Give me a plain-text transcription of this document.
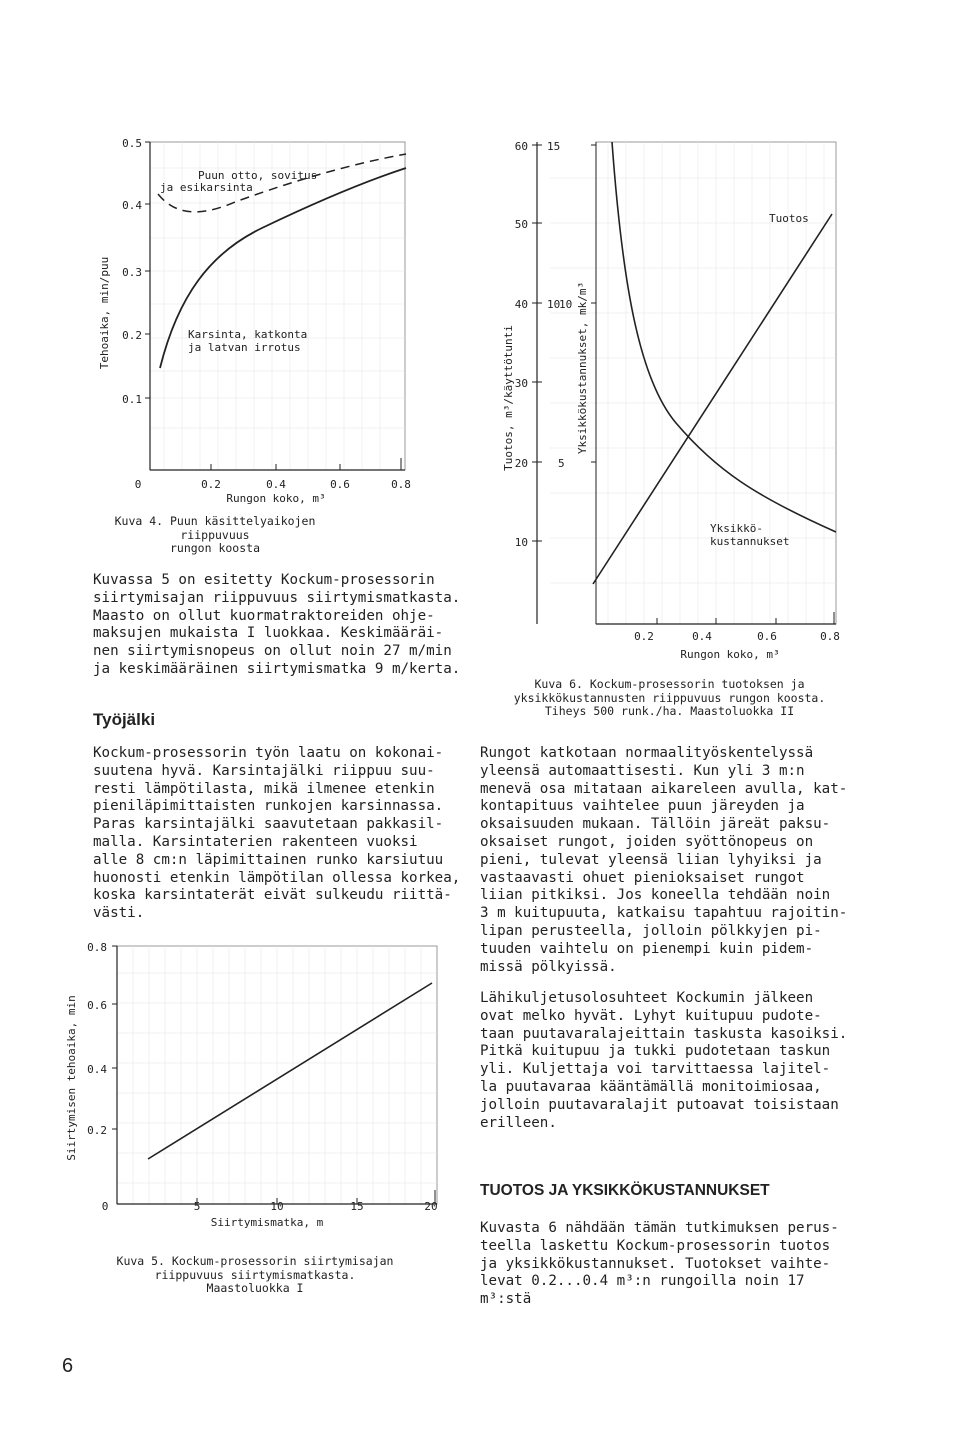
0.5
0.4
0.3
0.2
0.1
0	0.2	0.4	0.6	0.8
Rungon koko, m³
Tehoaika, min/puu
Puun otto, sovitus
ja esikarsinta
Karsinta, katkonta
ja latvan irrotus
Kuva 4. Puun käsittelyaikojen riippuvuus
rungon koosta
60
50
40
30
20
10
15
10
10
5
0.2	0.4	0.6	0.8
Rungon koko, m³
Tuotos, m³/käyttötunti	Yksikkökustannukset, mk/m³
Tuotos
Yksikkö-
kustannukset
Kuva 6. Kockum-prosessorin tuotoksen ja
yksikkökustannusten riippuvuus rungon koosta.
Tiheys 500 runk./ha. Maastoluokka II

Kuvassa 5 on esitetty Kockum-prosessorin
siirtymisajan riippuvuus siirtymismatkasta.
Maasto on ollut kuormatraktoreiden ohje-
maksujen mukaista I luokkaa. Keskimääräi-
nen siirtymisnopeus on ollut noin 27 m/min
ja keskimääräinen siirtymismatka 9 m/kerta.

Työjälki

Kockum-prosessorin työn laatu on kokonai-
suutena hyvä. Karsintajälki riippuu suu-
resti lämpötilasta, mikä ilmenee etenkin
pieniläpimittaisten runkojen karsinnassa.
Paras karsintajälki saavutetaan pakkasil-
malla. Karsintaterien rakenteen vuoksi
alle 8 cm:n läpimittainen runko karsiutuu
huonosti etenkin lämpötilan ollessa korkea,
koska karsintaterät eivät sulkeudu riittä-
västi.

0.8
0.6
0.4
0.2
0	5	10	15	20
Siirtymismatka, m
Siirtymisen tehoaika, min
Kuva 5. Kockum-prosessorin siirtymisajan
riippuvuus siirtymismatkasta.
Maastoluokka I

Rungot katkotaan normaalityöskentelyssä
yleensä automaattisesti. Kun yli 3 m:n
menevä osa mitataan aikareleen avulla, kat-
kontapituus vaihtelee puun järeyden ja
oksaisuuden mukaan. Tällöin järeät paksu-
oksaiset rungot, joiden syöttönopeus on
pieni, tulevat yleensä liian lyhyiksi ja
vastaavasti ohuet pienioksaiset rungot
liian pitkiksi. Jos koneella tehdään noin
3 m kuitupuuta, katkaisu tapahtuu rajoitin-
lipan perusteella, jolloin pölkkyjen pi-
tuuden vaihtelu on pienempi kuin pidem-
missä pölkyissä.

Lähikuljetusolosuhteet Kockumin jälkeen
ovat melko hyvät. Lyhyt kuitupuu pudote-
taan puutavaralajeittain taskusta kasoiksi.
Pitkä kuitupuu ja tukki pudotetaan taskun
yli. Kuljettaja voi tarvittaessa lajitel-
la puutavaraa kääntämällä monitoimiosaa,
jolloin puutavaralajit putoavat toisistaan
erilleen.

TUOTOS JA YKSIKKÖKUSTANNUKSET

Kuvasta 6 nähdään tämän tutkimuksen perus-
teella laskettu Kockum-prosessorin tuotos
ja yksikkökustannukset. Tuotokset vaihte-
levat 0.2...0.4 m³:n rungoilla noin 17 m³:stä

6
